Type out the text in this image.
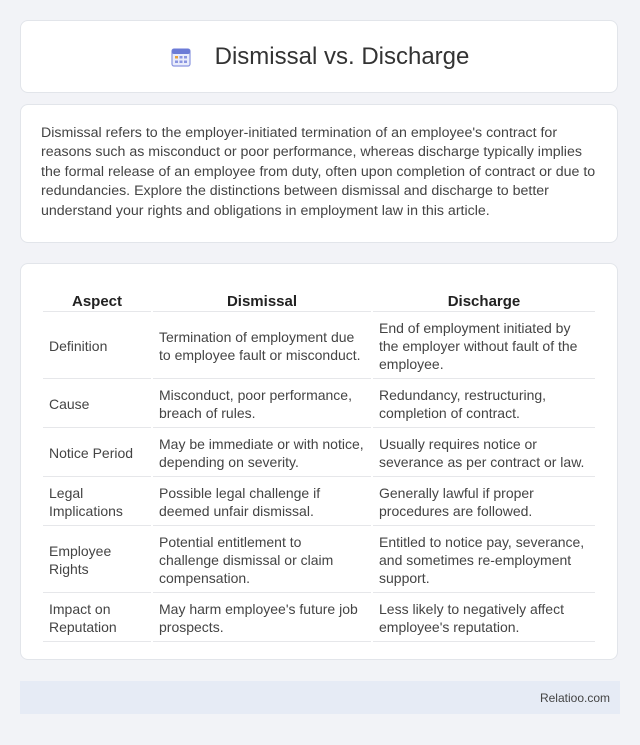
Dismissal vs. Discharge

Dismissal refers to the employer-initiated termination of an employee's contract for reasons such as misconduct or poor performance, whereas discharge typically implies the formal release of an employee from duty, often upon completion of contract or due to redundancies. Explore the distinctions between dismissal and discharge to better understand your rights and obligations in employment law in this article.

Aspect	Dismissal	Discharge
Definition	Termination of employment due to employee fault or misconduct.	End of employment initiated by the employer without fault of the employee.
Cause	Misconduct, poor performance, breach of rules.	Redundancy, restructuring, completion of contract.
Notice Period	May be immediate or with notice, depending on severity.	Usually requires notice or severance as per contract or law.
Legal Implications	Possible legal challenge if deemed unfair dismissal.	Generally lawful if proper procedures are followed.
Employee Rights	Potential entitlement to challenge dismissal or claim compensation.	Entitled to notice pay, severance, and sometimes re-employment support.
Impact on Reputation	May harm employee's future job prospects.	Less likely to negatively affect employee's reputation.
Relatioo.com
